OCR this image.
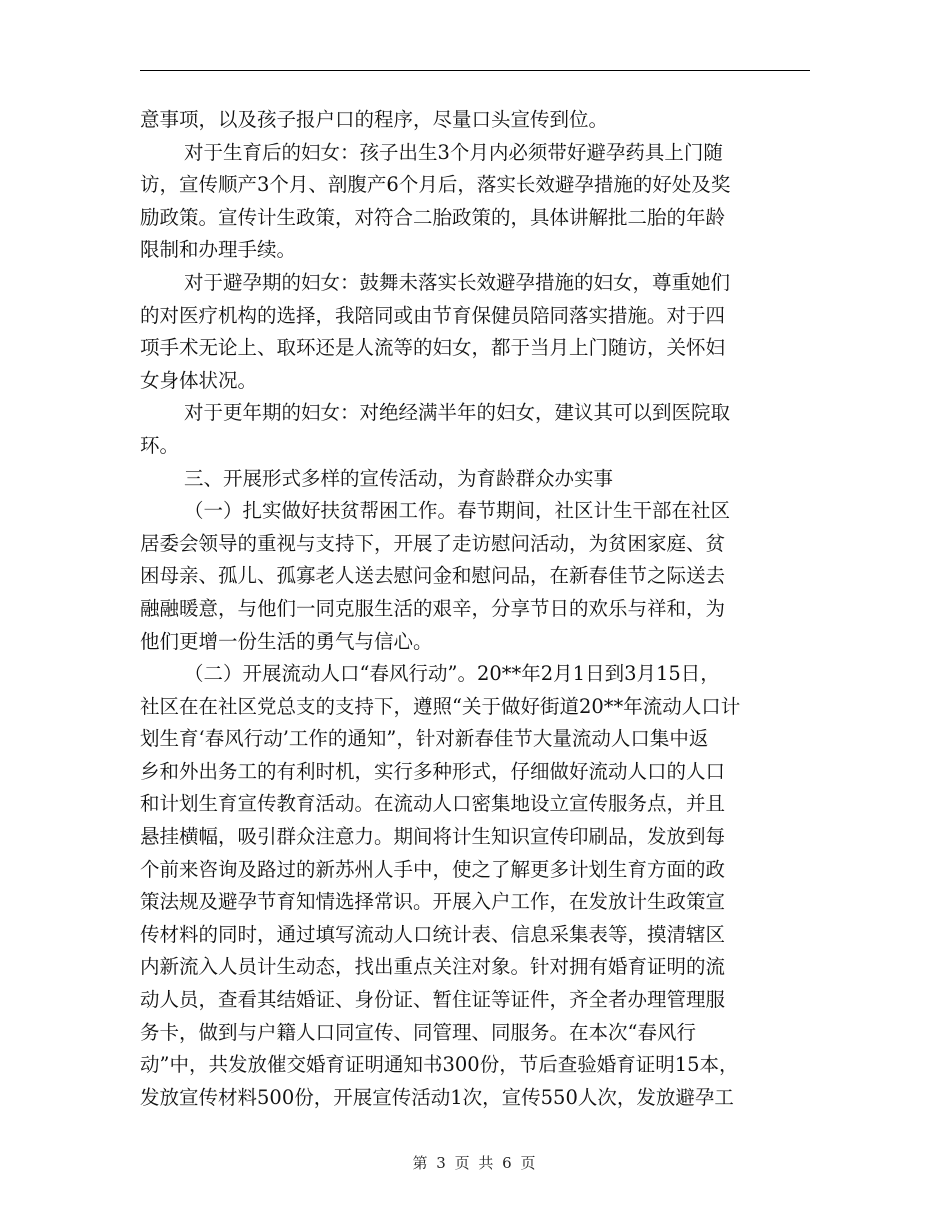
意事项，以及孩子报户口的程序，尽量口头宣传到位。
对于生育后的妇女：孩子出生3个月内必须带好避孕药具上门随
访，宣传顺产3个月、剖腹产6个月后，落实长效避孕措施的好处及奖
励政策。宣传计生政策，对符合二胎政策的，具体讲解批二胎的年龄
限制和办理手续。
对于避孕期的妇女：鼓舞未落实长效避孕措施的妇女，尊重她们
的对医疗机构的选择，我陪同或由节育保健员陪同落实措施。对于四
项手术无论上、取环还是人流等的妇女，都于当月上门随访，关怀妇
女身体状况。
对于更年期的妇女：对绝经满半年的妇女，建议其可以到医院取
环。
三、开展形式多样的宣传活动，为育龄群众办实事
（一）扎实做好扶贫帮困工作。春节期间，社区计生干部在社区
居委会领导的重视与支持下，开展了走访慰问活动，为贫困家庭、贫
困母亲、孤儿、孤寡老人送去慰问金和慰问品，在新春佳节之际送去
融融暖意，与他们一同克服生活的艰辛，分享节日的欢乐与祥和，为
他们更增一份生活的勇气与信心。
（二）开展流动人口“春风行动”。20**年2月1日到3月15日，
社区在在社区党总支的支持下，遵照“关于做好街道20**年流动人口计
划生育‘春风行动’工作的通知”，针对新春佳节大量流动人口集中返
乡和外出务工的有利时机，实行多种形式，仔细做好流动人口的人口
和计划生育宣传教育活动。在流动人口密集地设立宣传服务点，并且
悬挂横幅，吸引群众注意力。期间将计生知识宣传印刷品，发放到每
个前来咨询及路过的新苏州人手中，使之了解更多计划生育方面的政
策法规及避孕节育知情选择常识。开展入户工作，在发放计生政策宣
传材料的同时，通过填写流动人口统计表、信息采集表等，摸清辖区
内新流入人员计生动态，找出重点关注对象。针对拥有婚育证明的流
动人员，查看其结婚证、身份证、暂住证等证件，齐全者办理管理服
务卡，做到与户籍人口同宣传、同管理、同服务。在本次“春风行
动”中，共发放催交婚育证明通知书300份，节后查验婚育证明15本，
发放宣传材料500份，开展宣传活动1次，宣传550人次，发放避孕工
第 3 页 共 6 页
